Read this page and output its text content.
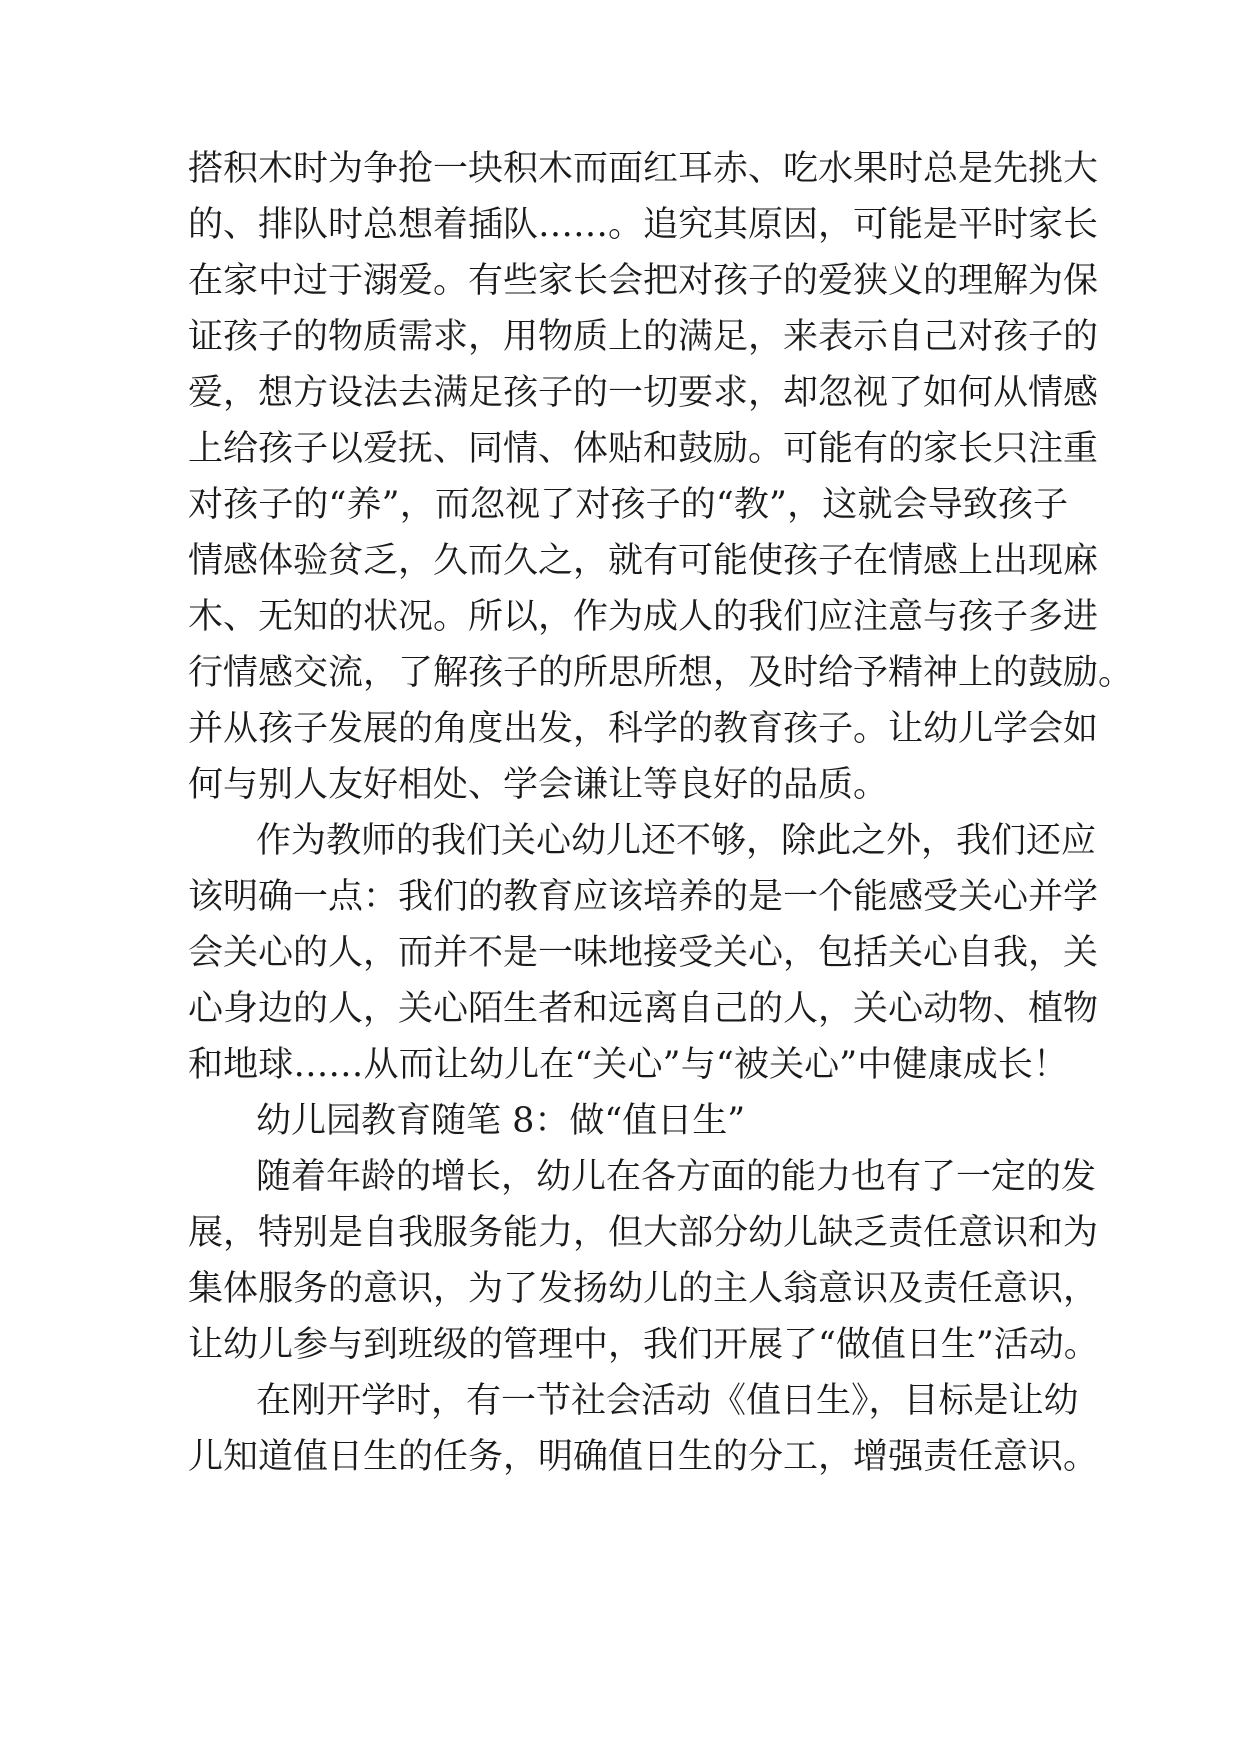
搭积木时为争抢一块积木而面红耳赤、吃水果时总是先挑大
的、排队时总想着插队……。追究其原因，可能是平时家长
在家中过于溺爱。有些家长会把对孩子的爱狭义的理解为保
证孩子的物质需求，用物质上的满足，来表示自己对孩子的
爱，想方设法去满足孩子的一切要求，却忽视了如何从情感
上给孩子以爱抚、同情、体贴和鼓励。可能有的家长只注重
对孩子的“养”，而忽视了对孩子的“教”，这就会导致孩子
情感体验贫乏，久而久之，就有可能使孩子在情感上出现麻
木、无知的状况。所以，作为成人的我们应注意与孩子多进
行情感交流，了解孩子的所思所想，及时给予精神上的鼓励。
并从孩子发展的角度出发，科学的教育孩子。让幼儿学会如
何与别人友好相处、学会谦让等良好的品质。
作为教师的我们关心幼儿还不够，除此之外，我们还应
该明确一点：我们的教育应该培养的是一个能感受关心并学
会关心的人，而并不是一味地接受关心，包括关心自我，关
心身边的人，关心陌生者和远离自己的人，关心动物、植物
和地球……从而让幼儿在“关心”与“被关心”中健康成长！
幼儿园教育随笔 8：做“值日生”
随着年龄的增长，幼儿在各方面的能力也有了一定的发
展，特别是自我服务能力，但大部分幼儿缺乏责任意识和为
集体服务的意识，为了发扬幼儿的主人翁意识及责任意识，
让幼儿参与到班级的管理中，我们开展了“做值日生”活动。
在刚开学时，有一节社会活动《值日生》，目标是让幼
儿知道值日生的任务，明确值日生的分工，增强责任意识。
